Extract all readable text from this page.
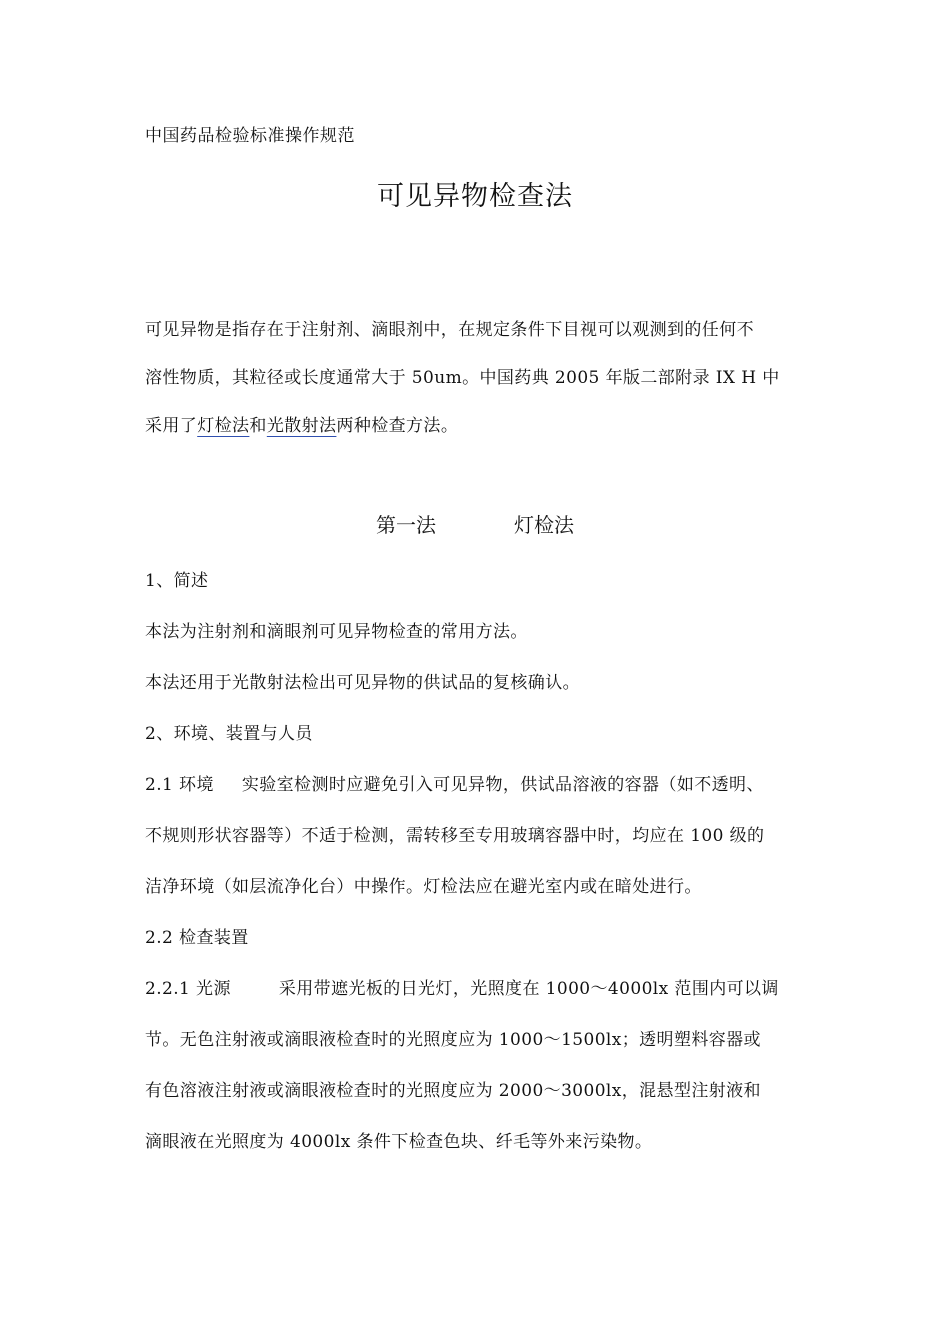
中国药品检验标准操作规范
可见异物检查法
可见异物是指存在于注射剂、滴眼剂中，在规定条件下目视可以观测到的任何不
溶性物质，其粒径或长度通常大于 50um。中国药典 2005 年版二部附录 IX H 中
采用了灯检法和光散射法两种检查方法。
第一法	灯检法
1、简述
本法为注射剂和滴眼剂可见异物检查的常用方法。
本法还用于光散射法检出可见异物的供试品的复核确认。
2、环境、装置与人员
2.1 环境 实验室检测时应避免引入可见异物，供试品溶液的容器（如不透明、
不规则形状容器等）不适于检测，需转移至专用玻璃容器中时，均应在 100 级的
洁净环境（如层流净化台）中操作。灯检法应在避光室内或在暗处进行。
2.2 检查装置
2.2.1 光源	采用带遮光板的日光灯，光照度在 1000～4000lx 范围内可以调
节。无色注射液或滴眼液检查时的光照度应为 1000～1500lx；透明塑料容器或
有色溶液注射液或滴眼液检查时的光照度应为 2000～3000lx，混悬型注射液和
滴眼液在光照度为 4000lx 条件下检查色块、纤毛等外来污染物。
